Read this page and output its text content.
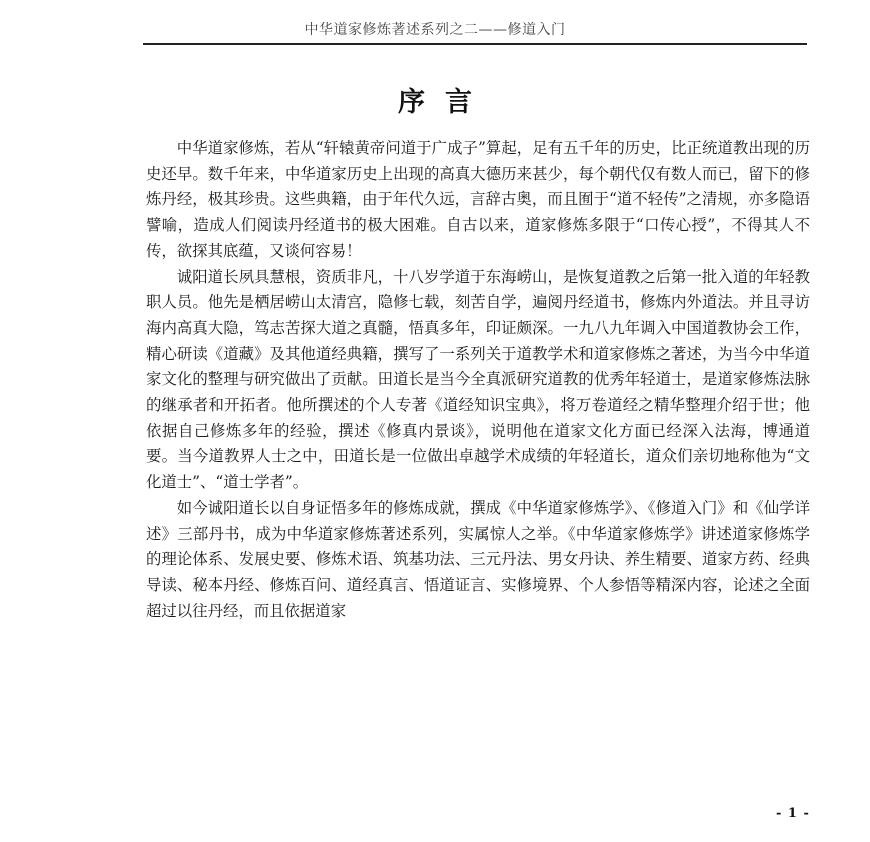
中华道家修炼著述系列之二——修道入门
序言

中华道家修炼，若从“轩辕黄帝问道于广成子”算起，足有五千年的历史，比正统道教出现的历史还早。数千年来，中华道家历史上出现的高真大德历来甚少，每个朝代仅有数人而已，留下的修炼丹经，极其珍贵。这些典籍，由于年代久远，言辞古奥，而且囿于“道不轻传”之清规，亦多隐语譬喻，造成人们阅读丹经道书的极大困难。自古以来，道家修炼多限于“口传心授”，不得其人不传，欲探其底蕴，又谈何容易！

诚阳道长夙具慧根，资质非凡，十八岁学道于东海崂山，是恢复道教之后第一批入道的年轻教职人员。他先是栖居崂山太清宫，隐修七载，刻苦自学，遍阅丹经道书，修炼内外道法。并且寻访海内高真大隐，笃志苦探大道之真髓，悟真多年，印证颇深。一九八九年调入中国道教协会工作，精心研读《道藏》及其他道经典籍，撰写了一系列关于道教学术和道家修炼之著述，为当今中华道家文化的整理与研究做出了贡献。田道长是当今全真派研究道教的优秀年轻道士，是道家修炼法脉的继承者和开拓者。他所撰述的个人专著《道经知识宝典》，将万卷道经之精华整理介绍于世；他依据自己修炼多年的经验，撰述《修真内景谈》，说明他在道家文化方面已经深入法海，博通道要。当今道教界人士之中，田道长是一位做出卓越学术成绩的年轻道长，道众们亲切地称他为“文化道士”、“道士学者”。

如今诚阳道长以自身证悟多年的修炼成就，撰成《中华道家修炼学》、《修道入门》和《仙学详述》三部丹书，成为中华道家修炼著述系列，实属惊人之举。《中华道家修炼学》讲述道家修炼学的理论体系、发展史要、修炼术语、筑基功法、三元丹法、男女丹诀、养生精要、道家方药、经典导读、秘本丹经、修炼百问、道经真言、悟道证言、实修境界、个人参悟等精深内容，论述之全面超过以往丹经，而且依据道家

- 1 -
